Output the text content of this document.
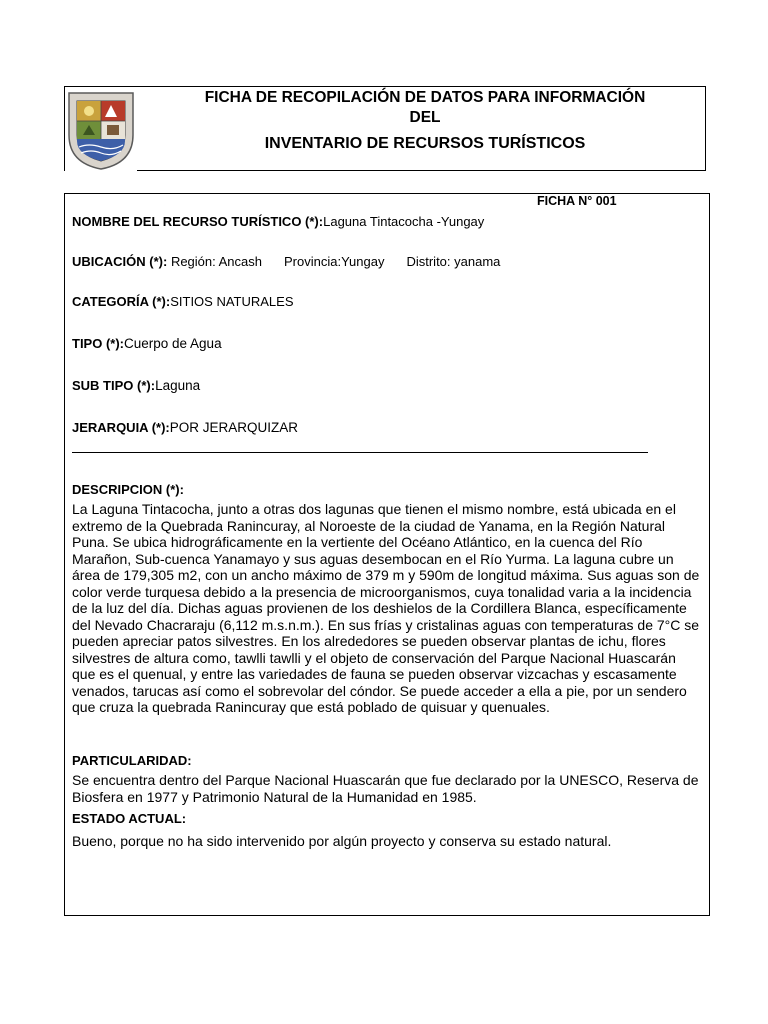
FICHA DE RECOPILACIÓN DE DATOS PARA INFORMACIÓN
DEL
INVENTARIO DE RECURSOS TURÍSTICOS
FICHA N° 001
NOMBRE DEL RECURSO TURÍSTICO (*):Laguna Tintacocha -Yungay
UBICACIÓN (*): Región: Ancash Provincia:Yungay Distrito: yanama
CATEGORÍA (*):SITIOS NATURALES
TIPO (*):Cuerpo de Agua
SUB TIPO (*):Laguna
JERARQUIA (*):POR JERARQUIZAR
DESCRIPCION (*):
La Laguna Tintacocha, junto a otras dos lagunas que tienen el mismo nombre, está ubicada en el extremo de la Quebrada Ranincuray, al Noroeste de la ciudad de Yanama, en la Región Natural Puna. Se ubica hidrográficamente en la vertiente del Océano Atlántico, en la cuenca del Río Marañon, Sub-cuenca Yanamayo y sus aguas desembocan en el Río Yurma. La laguna cubre un área de 179,305 m2, con un ancho máximo de 379 m y 590m de longitud máxima. Sus aguas son de color verde turquesa debido a la presencia de microorganismos, cuya tonalidad varia a la incidencia de la luz del día. Dichas aguas provienen de los deshielos de la Cordillera Blanca, específicamente del Nevado Chacraraju (6,112 m.s.n.m.). En sus frías y cristalinas aguas con temperaturas de 7°C se pueden apreciar patos silvestres. En los alrededores se pueden observar plantas de ichu, flores silvestres de altura como, tawlli tawlli y el objeto de conservación del Parque Nacional Huascarán que es el quenual, y entre las variedades de fauna se pueden observar vizcachas y escasamente venados, tarucas así como el sobrevolar del cóndor. Se puede acceder a ella a pie, por un sendero que cruza la quebrada Ranincuray que está poblado de quisuar y quenuales.
PARTICULARIDAD:
Se encuentra dentro del Parque Nacional Huascarán que fue declarado por la UNESCO, Reserva de Biosfera en 1977 y Patrimonio Natural de la Humanidad en 1985.
ESTADO ACTUAL:
Bueno, porque no ha sido intervenido por algún proyecto y conserva su estado natural.
